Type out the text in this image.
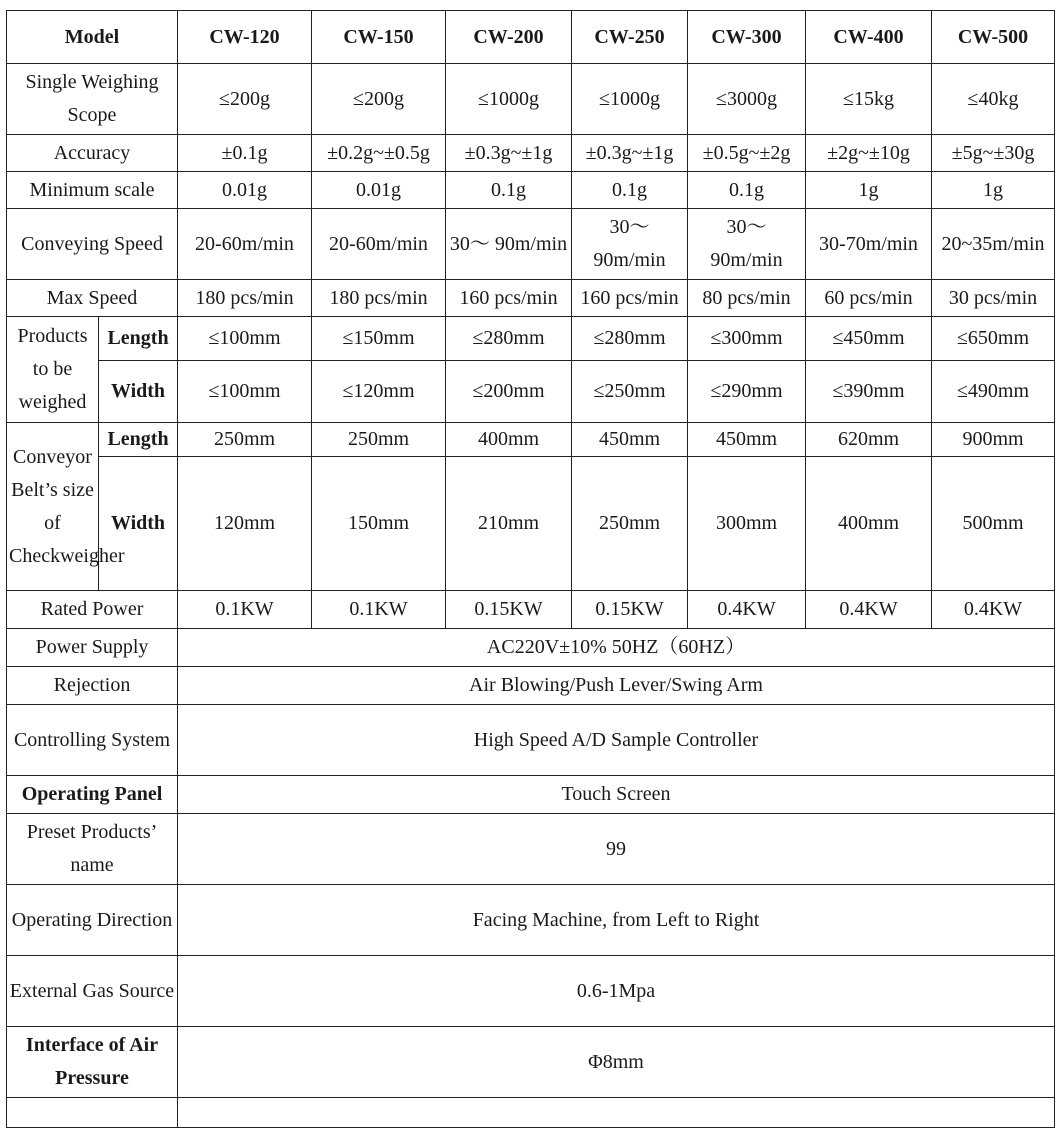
Model		CW-120	CW-150	CW-200	CW-250	CW-300	CW-400	CW-500
Single Weighing Scope		≤200g	≤200g	≤1000g	≤1000g	≤3000g	≤15kg	≤40kg
Accuracy		±0.1g	±0.2g~±0.5g	±0.3g~±1g	±0.3g~±1g	±0.5g~±2g	±2g~±10g	±5g~±30g
Minimum scale		0.01g	0.01g	0.1g	0.1g	0.1g	1g	1g
Conveying Speed		20-60m/min	20-60m/min	30～ 90m/min	30～ 90m/min	30～ 90m/min	30-70m/min	20~35m/min
Max Speed		180 pcs/min	180 pcs/min	160 pcs/min	160 pcs/min	80 pcs/min	60 pcs/min	30 pcs/min
Products to be weighed	Length	≤100mm	≤150mm	≤280mm	≤280mm	≤300mm	≤450mm	≤650mm
	Width	≤100mm	≤120mm	≤200mm	≤250mm	≤290mm	≤390mm	≤490mm
Conveyor Belt’s size of Checkweigher	Length	250mm	250mm	400mm	450mm	450mm	620mm	900mm
	Width	120mm	150mm	210mm	250mm	300mm	400mm	500mm
Rated Power		0.1KW	0.1KW	0.15KW	0.15KW	0.4KW	0.4KW	0.4KW
Power Supply		AC220V±10% 50HZ（60HZ）						
Rejection		Air Blowing/Push Lever/Swing Arm						
Controlling System		High Speed A/D Sample Controller						
Operating Panel		Touch Screen						
Preset Products’ name		99						
Operating Direction		Facing Machine, from Left to Right						
External Gas Source		0.6-1Mpa						
Interface of Air Pressure		Φ8mm						
